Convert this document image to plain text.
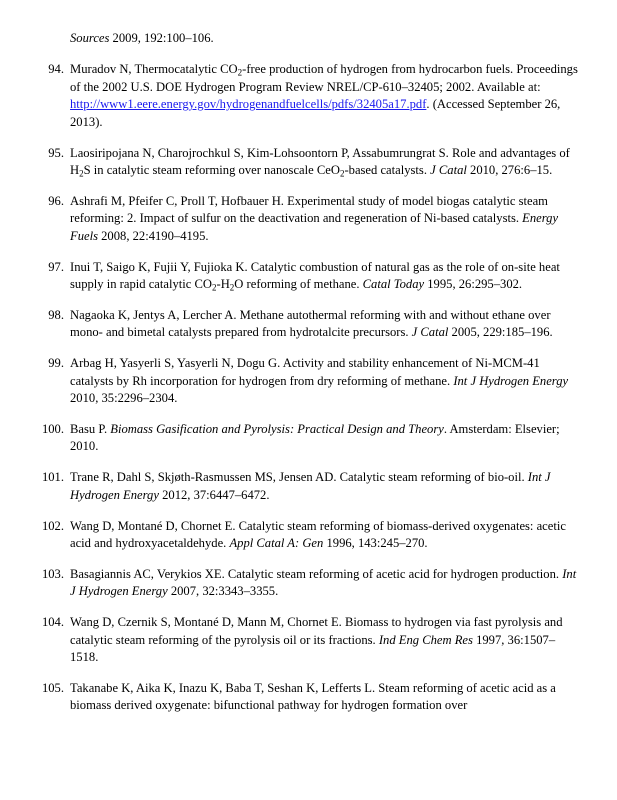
Sources 2009, 192:100–106.

94. Muradov N, Thermocatalytic $CO_2$-free production of hydrogen from hydrocarbon fuels. Proceedings of the 2002 U.S. DOE Hydrogen Program Review NREL/CP-610–32405; 2002. Available at: http://www1.eere.energy.gov/hydrogenandfuelcells/pdfs/32405a17.pdf. (Accessed September 26, 2013).
95. Laosiripojana N, Charojrochkul S, Kim-Lohsoontorn P, Assabumrungrat S. Role and advantages of $H_2S$ in catalytic steam reforming over nanoscale CeO$_2$-based catalysts. J Catal 2010, 276:6–15.
96. Ashrafi M, Pfeifer C, Proll T, Hofbauer H. Experimental study of model biogas catalytic steam reforming: 2. Impact of sulfur on the deactivation and regeneration of Ni-based catalysts. Energy Fuels 2008, 22:4190–4195.
97. Inui T, Saigo K, Fujii Y, Fujioka K. Catalytic combustion of natural gas as the role of on-site heat supply in rapid catalytic $CO_2-H_2O$ reforming of methane. Catal Today 1995, 26:295–302.
98. Nagaoka K, Jentys A, Lercher A. Methane autothermal reforming with and without ethane over mono- and bimetal catalysts prepared from hydrotalcite precursors. J Catal 2005, 229:185–196.
99. Arbag H, Yasyerli S, Yasyerli N, Dogu G. Activity and stability enhancement of Ni-MCM-41 catalysts by Rh incorporation for hydrogen from dry reforming of methane. Int J Hydrogen Energy 2010, 35:2296–2304.
100. Basu P. Biomass Gasification and Pyrolysis: Practical Design and Theory. Amsterdam: Elsevier; 2010.
101. Trane R, Dahl S, Skjøth-Rasmussen MS, Jensen AD. Catalytic steam reforming of bio-oil. Int J Hydrogen Energy 2012, 37:6447–6472.
102. Wang D, Montané D, Chornet E. Catalytic steam reforming of biomass-derived oxygenates: acetic acid and hydroxyacetaldehyde. Appl Catal A: Gen 1996, 143:245–270.
103. Basagiannis AC, Verykios XE. Catalytic steam reforming of acetic acid for hydrogen production. Int J Hydrogen Energy 2007, 32:3343–3355.
104. Wang D, Czernik S, Montané D, Mann M, Chornet E. Biomass to hydrogen via fast pyrolysis and catalytic steam reforming of the pyrolysis oil or its fractions. Ind Eng Chem Res 1997, 36:1507–1518.
105. Takanabe K, Aika K, Inazu K, Baba T, Seshan K, Lefferts L. Steam reforming of acetic acid as a biomass derived oxygenate: bifunctional pathway for hydrogen formation over
